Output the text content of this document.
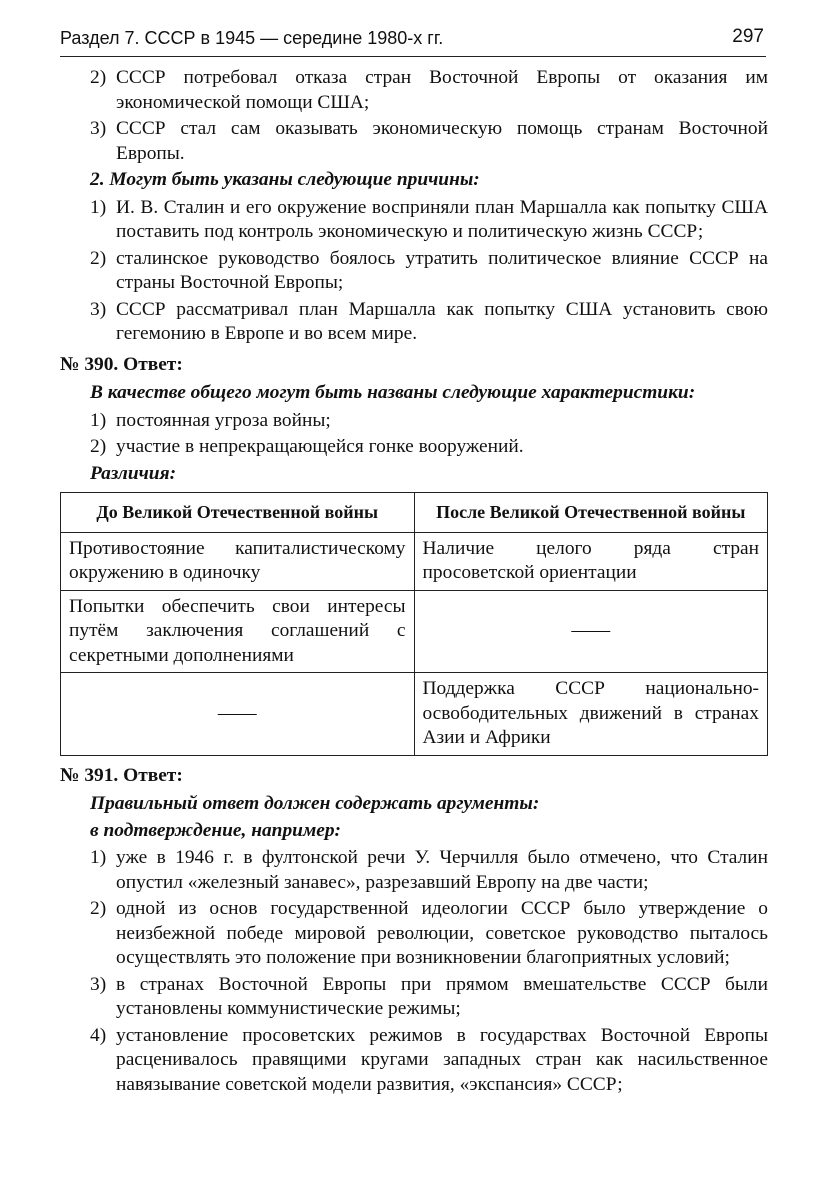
Раздел 7. СССР в 1945 — середине 1980-х гг.	297
2) СССР потребовал отказа стран Восточной Европы от оказания им экономической помощи США;
3) СССР стал сам оказывать экономическую помощь странам Восточной Европы.
2. Могут быть указаны следующие причины:
1) И. В. Сталин и его окружение восприняли план Маршалла как попытку США поставить под контроль экономическую и политическую жизнь СССР;
2) сталинское руководство боялось утратить политическое влияние СССР на страны Восточной Европы;
3) СССР рассматривал план Маршалла как попытку США установить свою гегемонию в Европе и во всем мире.
№ 390. Ответ:
В качестве общего могут быть названы следующие характеристики:
1) постоянная угроза войны;
2) участие в непрекращающейся гонке вооружений.
Различия:
До Великой Отечественной войны	После Великой Отечественной войны
Противостояние капиталистическому окружению в одиночку	Наличие целого ряда стран просоветской ориентации
Попытки обеспечить свои интересы путём заключения соглашений с секретными дополнениями	——
——	Поддержка СССР национально-освободительных движений в странах Азии и Африки
№ 391. Ответ:
Правильный ответ должен содержать аргументы:
в подтверждение, например:
1) уже в 1946 г. в фултонской речи У. Черчилля было отмечено, что Сталин опустил «железный занавес», разрезавший Европу на две части;
2) одной из основ государственной идеологии СССР было утверждение о неизбежной победе мировой революции, советское руководство пыталось осуществлять это положение при возникновении благоприятных условий;
3) в странах Восточной Европы при прямом вмешательстве СССР были установлены коммунистические режимы;
4) установление просоветских режимов в государствах Восточной Европы расценивалось правящими кругами западных стран как насильственное навязывание советской модели развития, «экспансия» СССР;
